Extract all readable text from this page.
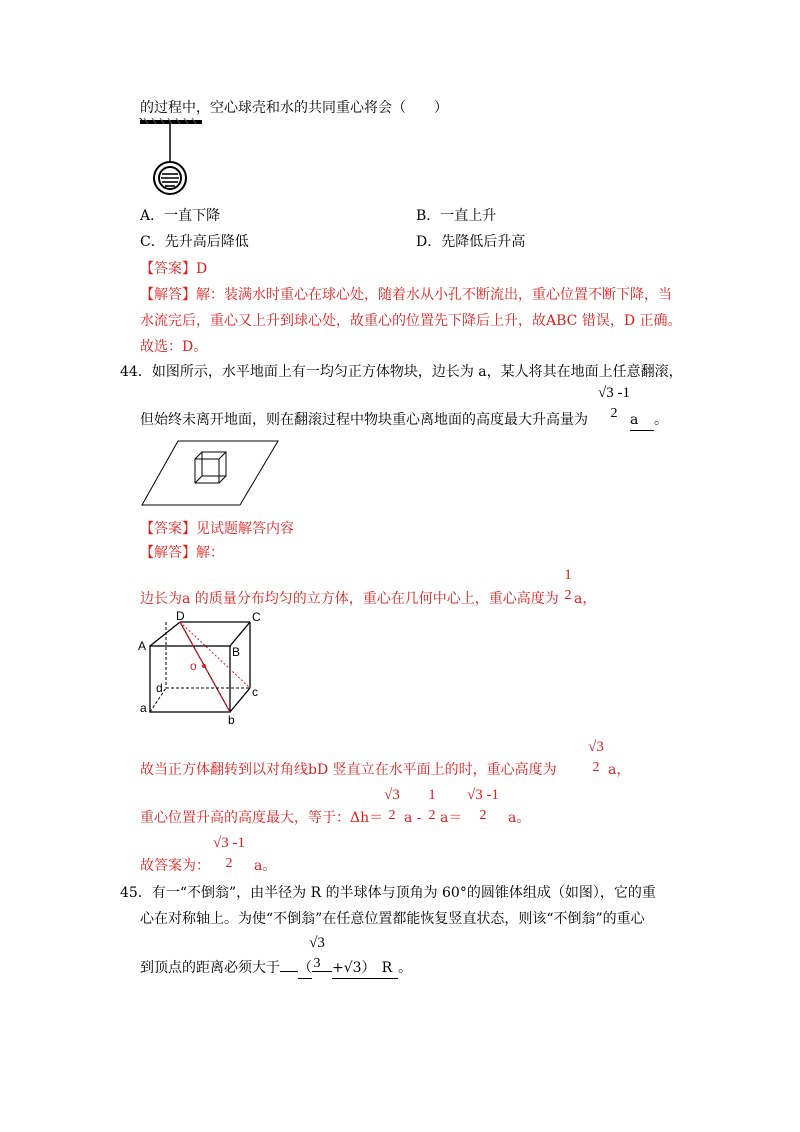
的过程中，空心球壳和水的共同重心将会（　　）
A．一直下降	B．一直上升
C．先升高后降低	D．先降低后升高
【答案】D
【解答】解：装满水时重心在球心处，随着水从小孔不断流出，重心位置不断下降，当
水流完后，重心又上升到球心处，故重心的位置先下降后上升，故ABC 错误，D 正确。
故选：D。
44．如图所示，水平地面上有一均匀正方体物块，边长为 a，某人将其在地面上任意翻滚，
但始终未离开地面，则在翻滚过程中物块重心离地面的高度最大升高量为
√3 -1
2 a 。
【答案】见试题解答内容
【解答】解：
边长为a 的质量分布均匀的立方体，重心在几何中心上，重心高度为
1
2 a，
D	C
A	B
o
d	c
a
b
故当正方体翻转到以对角线bD 竖直立在水平面上的时，重心高度为
√3
2 a，
重心位置升高的高度最大，等于：Δh＝
√3
2 a -
1
2 a＝
√3 -1
2	a。
故答案为：
√3 -1
2	a。
45．有一“不倒翁”，由半径为 R 的半球体与顶角为 60°的圆锥体组成（如图），它的重
心在对称轴上。为使“不倒翁”在任意位置都能恢复竖直状态，则该“不倒翁”的重心
到顶点的距离必须大于	（ +√3） R 。
√3
3
